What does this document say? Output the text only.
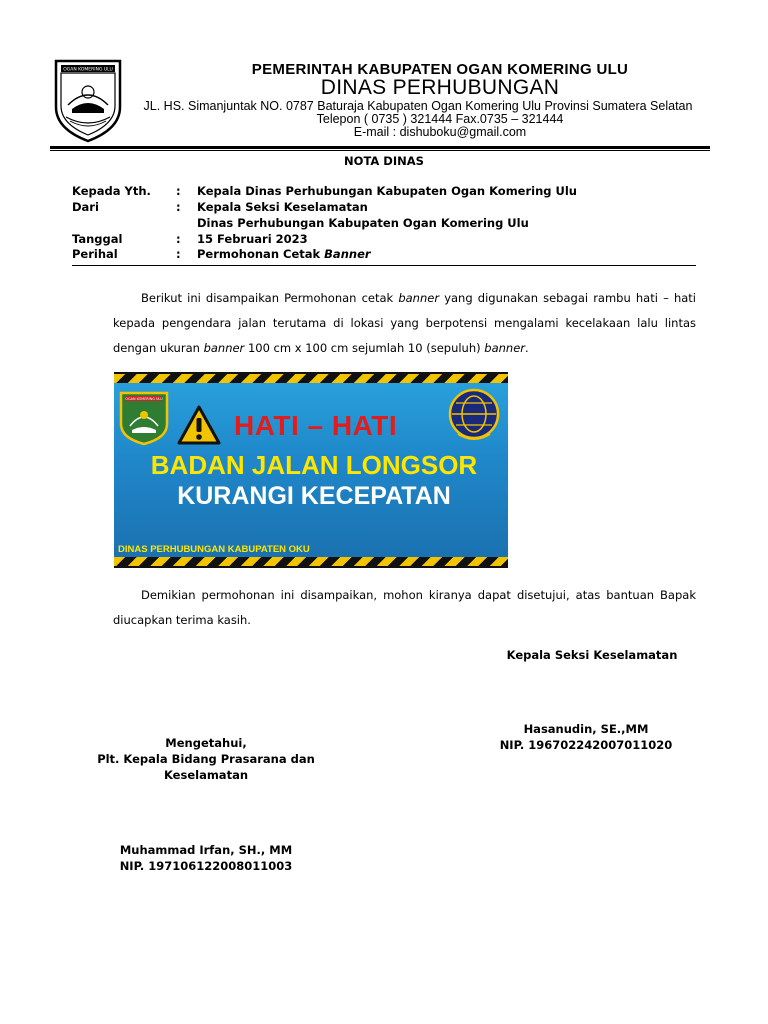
OGAN KOMERING ULU	PEMERINTAH KABUPATEN OGAN KOMERING ULU
DINAS PERHUBUNGAN
JL. HS. Simanjuntak NO. 0787 Baturaja Kabupaten Ogan Komering Ulu Provinsi Sumatera Selatan
Telepon ( 0735 ) 321444 Fax.0735 – 321444
E-mail : dishuboku@gmail.com
NOTA DINAS
Kepada Yth. : Kepala Dinas Perhubungan Kabupaten Ogan Komering Ulu
Dari	: Kepala Seksi Keselamatan
Dinas Perhubungan Kabupaten Ogan Komering Ulu
Tanggal	: 15 Februari 2023
Perihal	: Permohonan Cetak Banner
Berikut ini disampaikan Permohonan cetak banner yang digunakan sebagai rambu hati – hati kepada pengendara jalan terutama di lokasi yang berpotensi mengalami kecelakaan lalu lintas dengan ukuran banner 100 cm x 100 cm sejumlah 10 (sepuluh) banner.
OGAN KOMERING ULU
HATI – HATI
BADAN JALAN LONGSOR
KURANGI KECEPATAN
DINAS PERHUBUNGAN KABUPATEN OKU
Demikian permohonan ini disampaikan, mohon kiranya dapat disetujui, atas bantuan Bapak diucapkan terima kasih.
Kepala Seksi Keselamatan
Hasanudin, SE.,MM
NIP. 196702242007011020
Mengetahui,
Plt. Kepala Bidang Prasarana dan
Keselamatan
Muhammad Irfan, SH., MM
NIP. 197106122008011003
